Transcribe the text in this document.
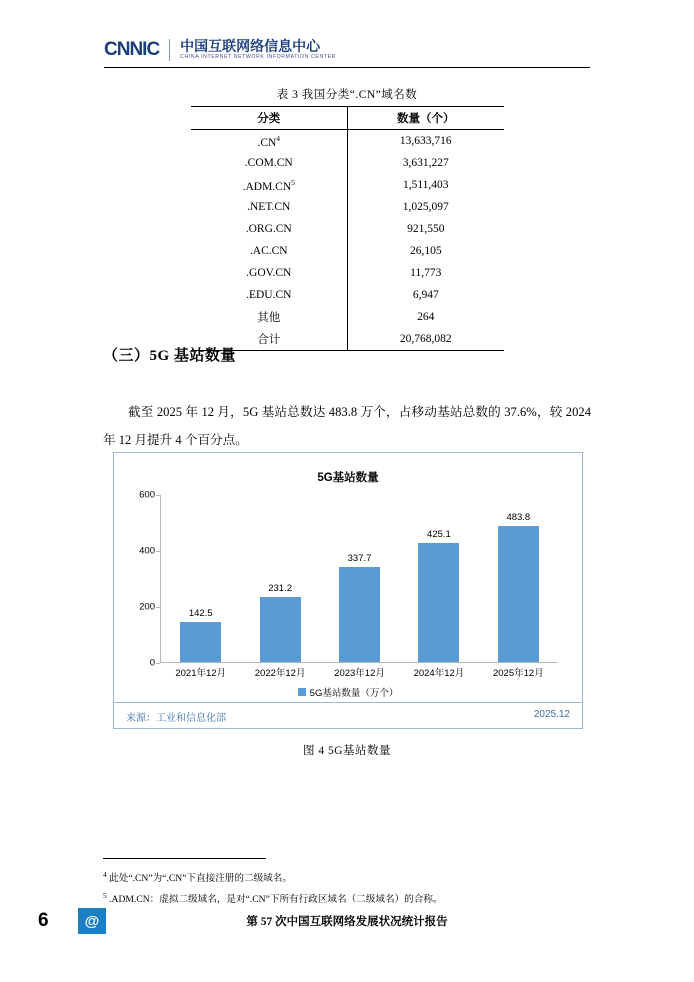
CNNIC 中国互联网络信息中心
CHINA INTERNET NETWORK INFORMATION CENTER
表 3 我国分类“.CN”域名数
分类	数量（个）
$.CN^4$	13,633,716
.COM.CN	3,631,227
$.ADM.CN^5$	1,511,403
.NET.CN	1,025,097
.ORG.CN	921,550
.AC.CN	26,105
.GOV.CN	11,773
.EDU.CN	6,947
其他	264
合计	20,768,082
（三）5G 基站数量
截至 2025 年 12 月，5G 基站总数达 483.8 万个，占移动基站总数的 37.6%，较 2024 年 12 月提升 4 个百分点。
5G基站数量
0
200
400
600
142.5
231.2
337.7
425.1
483.8
2021年12月	2022年12月	2023年12月	2024年12月	2025年12月
5G基站数量（万个）
来源：工业和信息化部	2025.12
图 4 5G基站数量
$^4$ 此处“.CN”为“.CN”下直接注册的二级域名。
$^5$ .ADM.CN：虚拟二级域名，是对“.CN”下所有行政区域名（二级域名）的合称。
6 @	第 57 次中国互联网络发展状况统计报告
